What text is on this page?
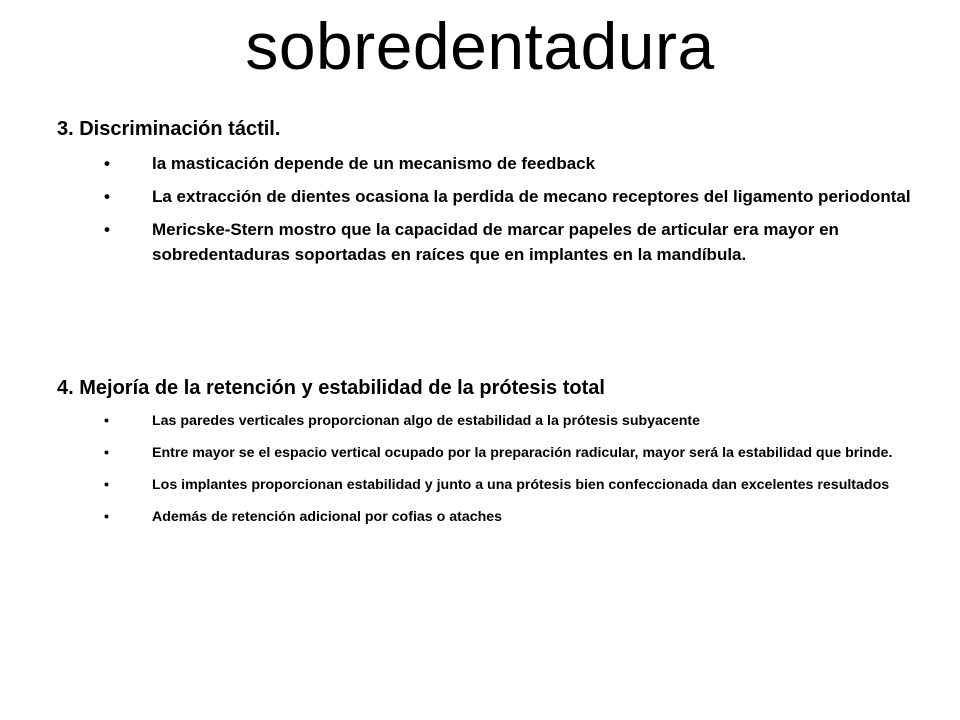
sobredentadura

3. Discriminación táctil.

• la masticación depende de un mecanismo de feedback
• La extracción de dientes ocasiona la perdida de mecano receptores del ligamento periodontal
• Mericske-Stern mostro que la capacidad de marcar papeles de articular era mayor en sobredentaduras soportadas en raíces que en implantes en la mandíbula.

4. Mejoría de la retención y estabilidad de la prótesis total

•	Las paredes verticales proporcionan algo de estabilidad a la prótesis subyacente
•	Entre mayor se el espacio vertical ocupado por la preparación radicular, mayor será la estabilidad que brinde.
•	Los implantes proporcionan estabilidad y junto a una prótesis bien confeccionada dan excelentes resultados
•	Además de retención adicional por cofias o ataches
